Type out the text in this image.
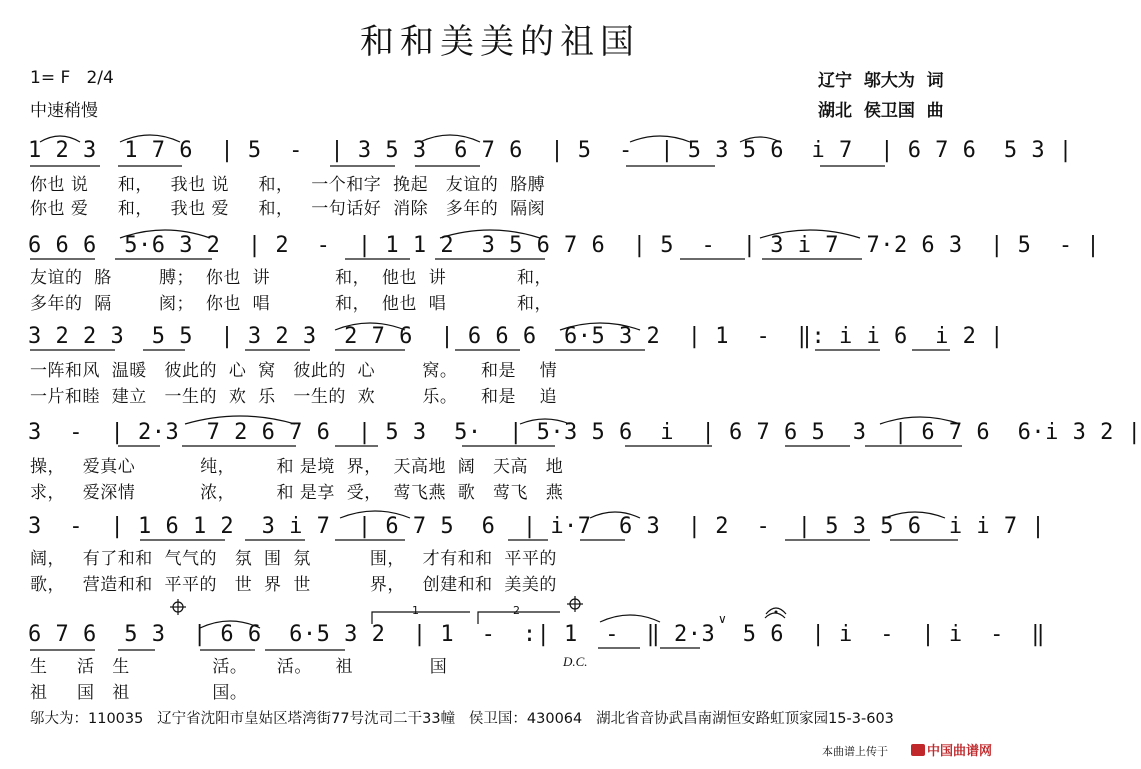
和和美美的祖国
1= F   2/4
中速稍慢
辽宁  邬大为  词
湖北  侯卫国  曲
1 2 3  1 7 6  | 5  -  | 3 5 3  6 7 6  | 5  -  | 5 3 5 6  i 7  | 6 7 6  5 3 |
你也 说     和，   我也 说     和，   一个和字  挽起   友谊的  胳膊
你也 爱     和，   我也 爱     和，   一句话好  消除   多年的  隔阂
6 6 6  5·6 3 2  | 2  -  | 1 1 2  3 5 6 7 6  | 5  -  | 3 i 7  7·2 6 3  | 5  - |
友谊的  胳        膊；  你也  讲           和，  他也  讲            和，
多年的  隔        阂；  你也  唱           和，  他也  唱            和，
3 2 2 3  5 5  | 3 2 3  2 7 6  | 6 6 6  6·5 3 2  | 1  -  ‖: i i 6  i 2 |
一阵和风  温暖   彼此的  心  窝   彼此的  心        窝。    和是    情
一片和睦  建立   一生的  欢  乐   一生的  欢        乐。    和是    追
3  -  | 2·3  7 2 6 7 6  | 5 3  5·  | 5·3 5 6  i  | 6 7 6 5  3  | 6 7 6  6·i 3 2 |
操，   爱真心           纯，       和 是境  界，  天高地  阔   天高   地
求，   爱深情           浓，       和 是享  受，  莺飞燕  歌   莺飞   燕
3  -  | 1 6 1 2  3 i 7  | 6 7 5  6  | i·7  6 3  | 2  -  | 5 3 5 6  i i 7 |
阔，   有了和和  气气的   氛  围  氛          围，   才有和和  平平的
歌，   营造和和  平平的   世  界  世          界，   创建和和  美美的
6 7 6  5 3  | 6 6  6·5 3 2  | 1  -  :| 1  -  ‖ 2·3  5 6  | i  -  | i  -  ‖
生     活   生              活。     活。    祖             国
祖     国   祖              国。
1	2
D.C.
∨
邬大为：110035   辽宁省沈阳市皇姑区塔湾街77号沈司二干33幢   侯卫国：430064   湖北省音协武昌南湖恒安路虹顶家园15-3-603
本曲谱上传于	中国曲谱网
